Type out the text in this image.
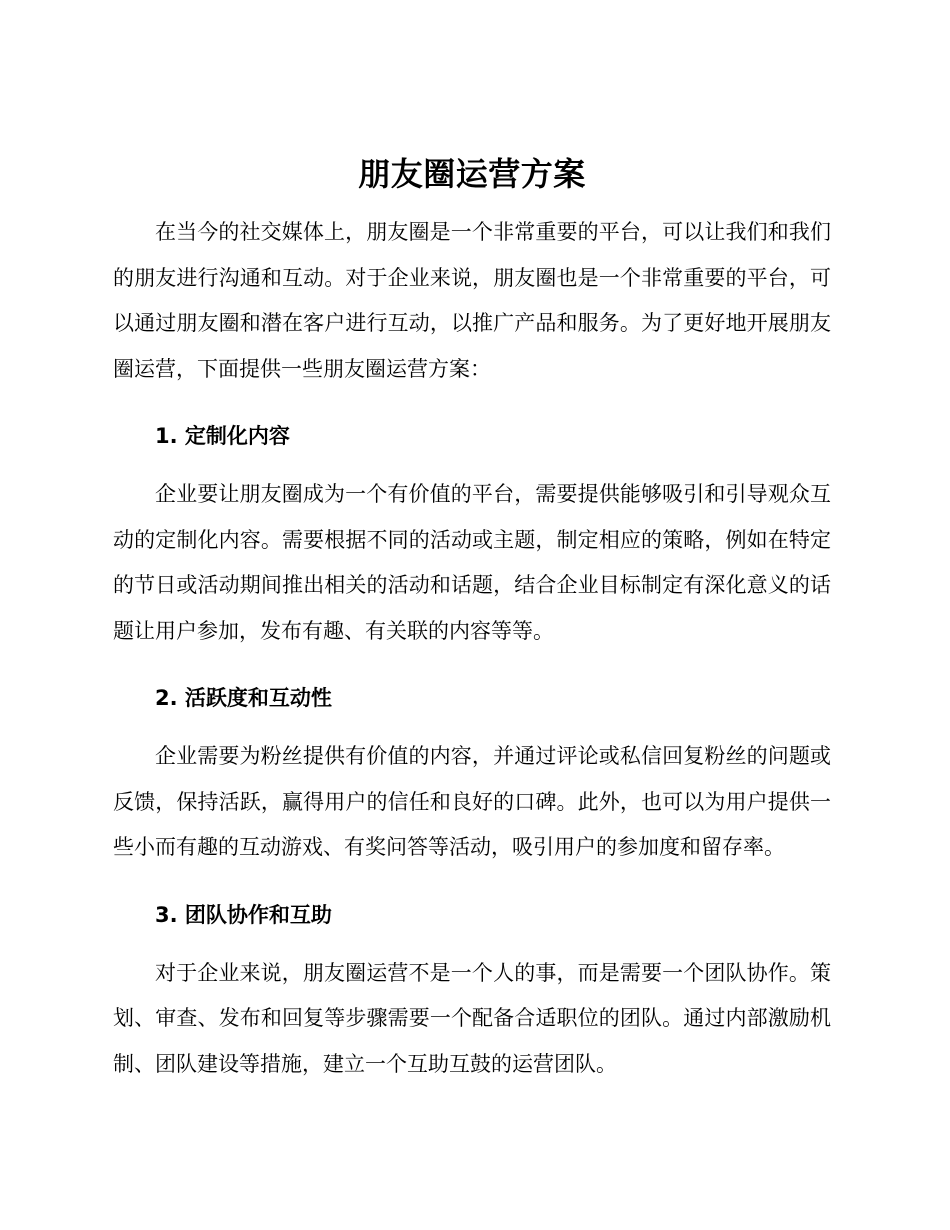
朋友圈运营方案

在当今的社交媒体上，朋友圈是一个非常重要的平台，可以让我们和我们的朋友进行沟通和互动。对于企业来说，朋友圈也是一个非常重要的平台，可以通过朋友圈和潜在客户进行互动，以推广产品和服务。为了更好地开展朋友圈运营，下面提供一些朋友圈运营方案：

1. 定制化内容

企业要让朋友圈成为一个有价值的平台，需要提供能够吸引和引导观众互动的定制化内容。需要根据不同的活动或主题，制定相应的策略，例如在特定的节日或活动期间推出相关的活动和话题，结合企业目标制定有深化意义的话题让用户参加，发布有趣、有关联的内容等等。

2. 活跃度和互动性

企业需要为粉丝提供有价值的内容，并通过评论或私信回复粉丝的问题或反馈，保持活跃，赢得用户的信任和良好的口碑。此外，也可以为用户提供一些小而有趣的互动游戏、有奖问答等活动，吸引用户的参加度和留存率。

3. 团队协作和互助

对于企业来说，朋友圈运营不是一个人的事，而是需要一个团队协作。策划、审查、发布和回复等步骤需要一个配备合适职位的团队。通过内部激励机制、团队建设等措施，建立一个互助互鼓的运营团队。
